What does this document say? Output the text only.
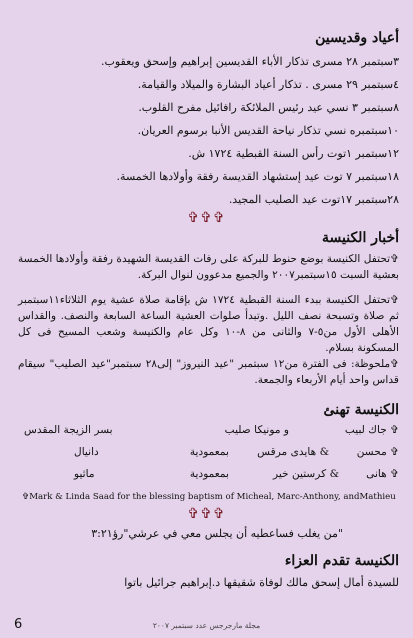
أعياد وقديسين
٣سبتمبر ٢٨ مسرى تذكار الأباء القديسين إبراهيم وإسحق ويعقوب.
٤سبتمبر ٢٩ مسرى . تذكار أعياد البشارة والميلاد والقيامة.
٨سبتمبر ٣ نسي عيد رئيس الملائكة رافائيل مفرح القلوب.
١٠سبتمبره نسي تذكار نياحة القديس الأنبا برسوم العريان.
١٢سبتمبر ١توت رأس السنة القبطية ١٧٢٤ ش.
١٨سبتمبر ٧ توت عيد إستشهاد القديسة رفقة وأولادها الخمسة.
٢٨سبتمبر ١٧توت عيد الصليب المجيد.
✞✞✞
أخبار الكنيسة
✞تحتفل الكنيسة بوضع حنوط للبركة على رفات القديسة الشهيدة رفقة وأولادها الخمسة بعشية السبت ١٥سبتمبر٢٠٠٧ والجميع مدعوون لنوال البركة.
✞تحتفل الكنيسة ببدء السنة القبطية ١٧٢٤ ش بإقامة صلاة عشية يوم الثلاثاء١١سبتمبر ثم صلاة وتسبحة نصف الليل .وتبدأ صلوات العشية الساعة السابعة والنصف. والقداس الأهلى الأول من٥-٧ والثانى من ٨-١٠ وكل عام والكنيسة وشعب المسيح فى كل المسكونة بسلام.
✞ملحوظة: فى الفترة من١٢ سبتمبر "عيد النيروز" إلى٢٨ سبتمبر"عيد الصليب" سيقام قداس واحد أيام الأربعاء والجمعة.
الكنيسة تهنئ
✞ جاك لبيب
و مونيكا صليب
بسر الزيجة المقدس
✞ محسن
& هايدى مرقس
بمعمودية
دانيال
✞ هانى
& كرستين خير
بمعمودية
ماثيو
✞Mark & Linda Saad for the blessing baptism of Micheal, Marc-Anthony, andMathieu
✞✞✞
"من يغلب فساعطيه أن يجلس معي في عرشي"رؤ٣:٢١
الكنيسة تقدم العزاء
للسيدة أمال إسحق مالك لوفاة شقيقها د.إبراهيم جرائيل باتوا
مجلة مارجرجس عدد سبتمبر ٢٠٠٧
6
